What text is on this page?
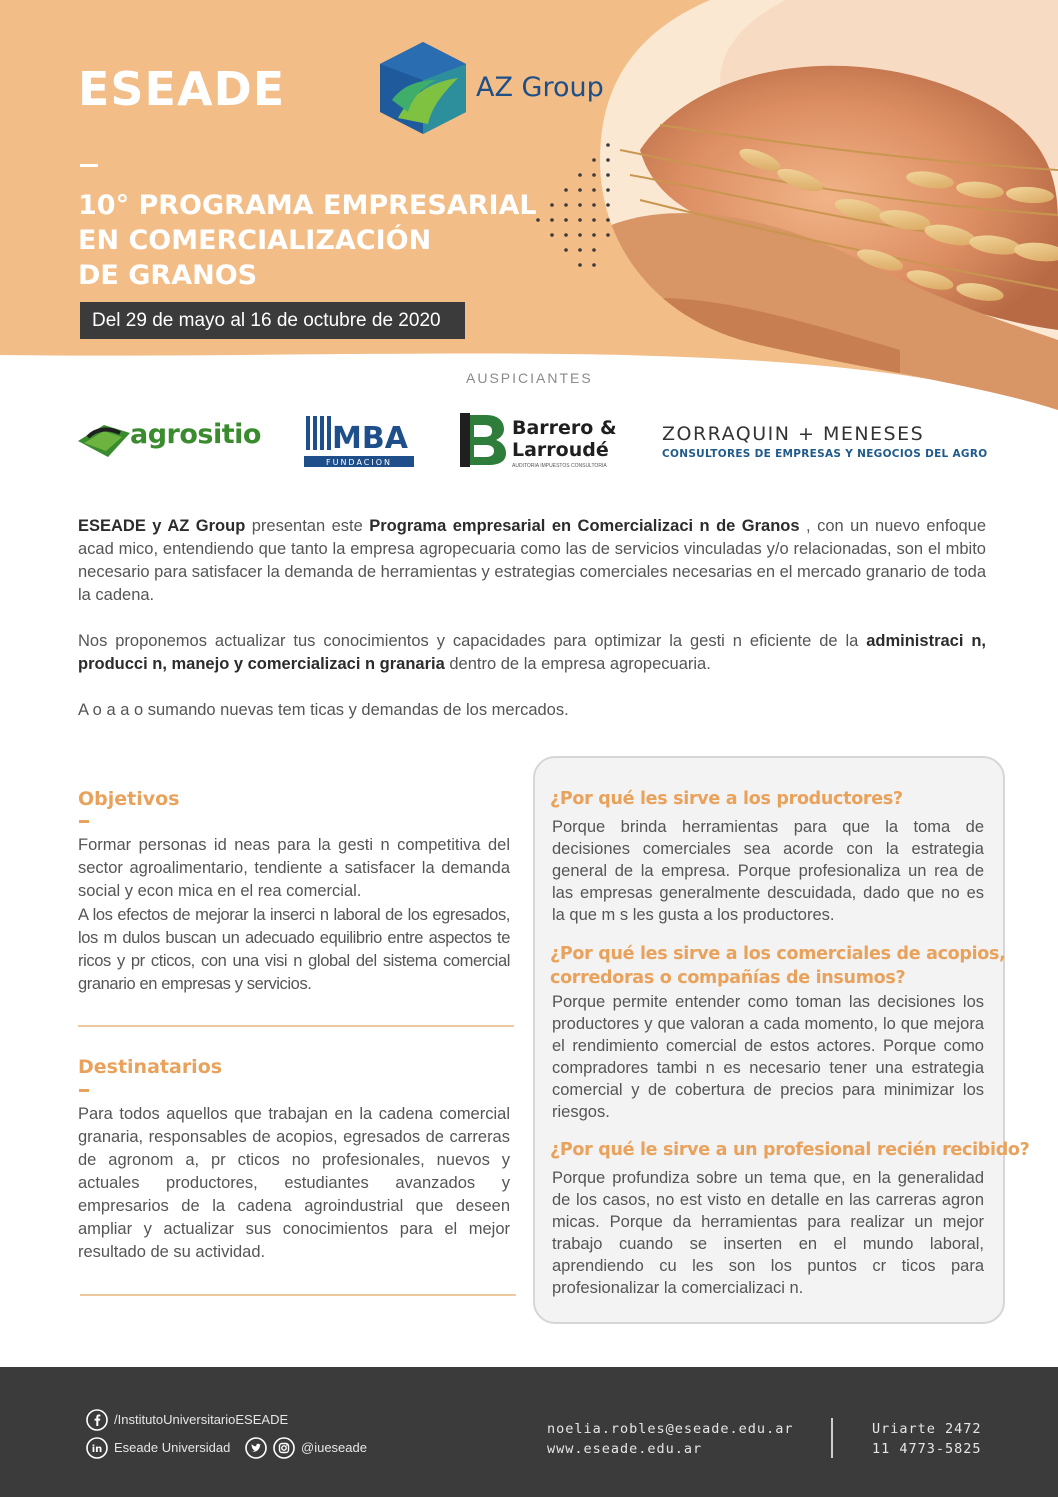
ESEADE	AZ Group
10° PROGRAMA EMPRESARIAL
EN COMERCIALIZACIÓN
DE GRANOS
Del 29 de mayo al 16 de octubre de 2020
AUSPICIANTES
agrositio MBA
FUNDACION
Barrero &
Larroudé
AUDITORIA IMPUESTOS CONSULTORIA
ZORRAQUIN + MENESES
CONSULTORES DE EMPRESAS Y NEGOCIOS DEL AGRO

ESEADE y AZ Group presentan este Programa empresarial en Comercializaci n de Granos , con un nuevo enfoque acad mico, entendiendo que tanto la empresa agropecuaria como las de servicios vinculadas y/o relacionadas, son el mbito necesario para satisfacer la demanda de herramientas y estrategias comerciales necesarias en el mercado granario de toda la cadena.

Nos proponemos actualizar tus conocimientos y capacidades para optimizar la gesti n eficiente de la administraci n, producci n, manejo y comercializaci n granaria dentro de la empresa agropecuaria.

A o a a o sumando nuevas tem ticas y demandas de los mercados.

Objetivos
Formar personas id neas para la gesti n competitiva del sector agroalimentario, tendiente a satisfacer la demanda social y econ mica en el rea comercial.
A los efectos de mejorar la inserci n laboral de los egresados, los m dulos buscan un adecuado equilibrio entre aspectos te ricos y pr cticos, con una visi n global del sistema comercial granario en empresas y servicios.
Destinatarios
Para todos aquellos que trabajan en la cadena comercial granaria, responsables de acopios, egresados de carreras de agronom a, pr cticos no profesionales, nuevos y actuales productores, estudiantes avanzados y empresarios de la cadena agroindustrial que deseen ampliar y actualizar sus conocimientos para el mejor resultado de su actividad.
¿Por qué les sirve a los productores?
Porque brinda herramientas para que la toma de decisiones comerciales sea acorde con la estrategia general de la empresa. Porque profesionaliza un rea de las empresas generalmente descuidada, dado que no es la que m s les gusta a los productores.
¿Por qué les sirve a los comerciales de acopios,
corredoras o compañías de insumos?
Porque permite entender como toman las decisiones los productores y que valoran a cada momento, lo que mejora el rendimiento comercial de estos actores. Porque como compradores tambi n es necesario tener una estrategia comercial y de cobertura de precios para minimizar los riesgos.
¿Por qué le sirve a un profesional recién recibido?
Porque profundiza sobre un tema que, en la generalidad de los casos, no est visto en detalle en las carreras agron micas. Porque da herramientas para realizar un mejor trabajo cuando se inserten en el mundo laboral, aprendiendo cu les son los puntos cr ticos para profesionalizar la comercializaci n.
/InstitutoUniversitarioESEADE
in Eseade Universidad	@iueseade
noelia.robles@eseade.edu.ar
www.eseade.edu.ar
Uriarte 2472
11 4773-5825
